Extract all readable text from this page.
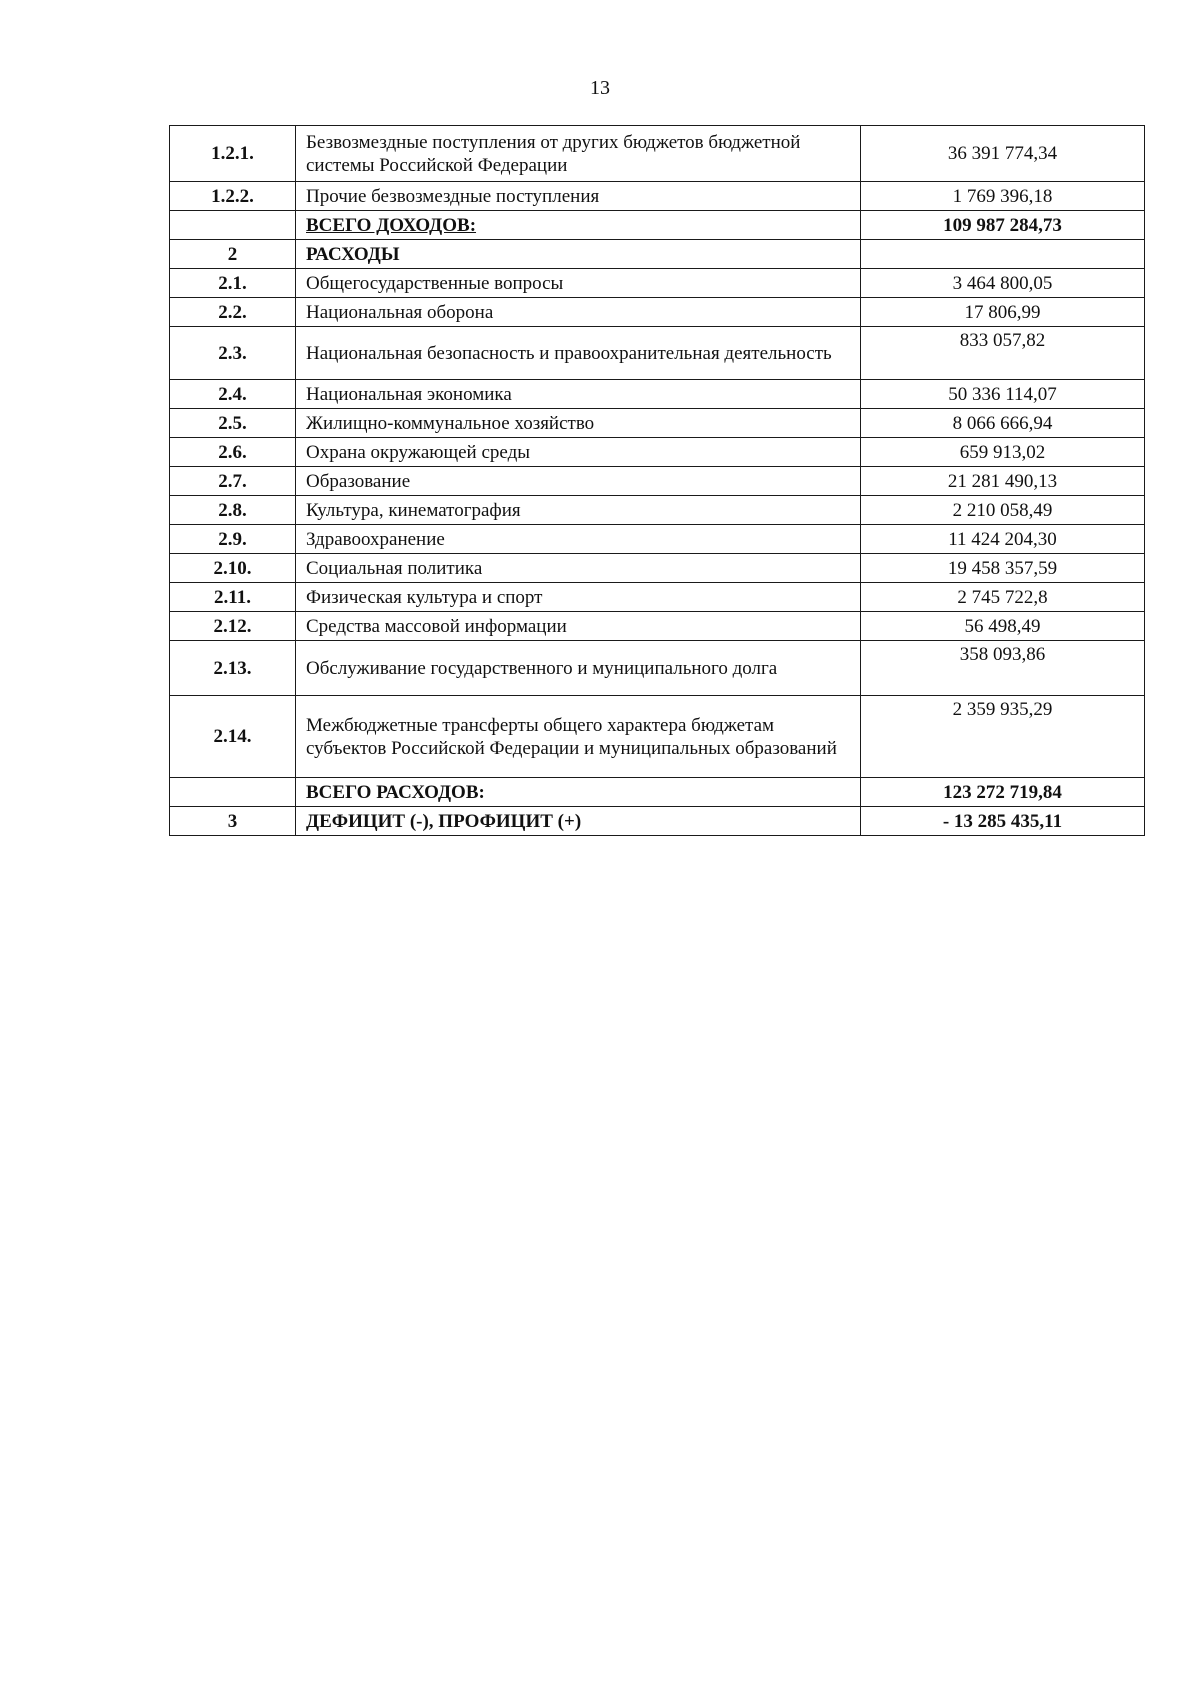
13
1.2.1.	Безвозмездные поступления от других бюджетов бюджетной системы Российской Федерации	36 391 774,34
1.2.2.	Прочие безвозмездные поступления	1 769 396,18
	ВСЕГО ДОХОДОВ:	109 987 284,73
2	РАСХОДЫ	
2.1.	Общегосударственные вопросы	3 464 800,05
2.2.	Национальная оборона	17 806,99
2.3.	Национальная безопасность и правоохранительная деятельность	833 057,82
2.4.	Национальная экономика	50 336 114,07
2.5.	Жилищно-коммунальное хозяйство	8 066 666,94
2.6.	Охрана окружающей среды	659 913,02
2.7.	Образование	21 281 490,13
2.8.	Культура, кинематография	2 210 058,49
2.9.	Здравоохранение	11 424 204,30
2.10.	Социальная политика	19 458 357,59
2.11.	Физическая культура и спорт	2 745 722,8
2.12.	Средства массовой информации	56 498,49
2.13.	Обслуживание государственного и муниципального долга	358 093,86
2.14.	Межбюджетные трансферты общего характера бюджетам субъектов Российской Федерации и муниципальных образований	2 359 935,29
	ВСЕГО РАСХОДОВ:	123 272 719,84
3	ДЕФИЦИТ (-), ПРОФИЦИТ (+)	- 13 285 435,11
